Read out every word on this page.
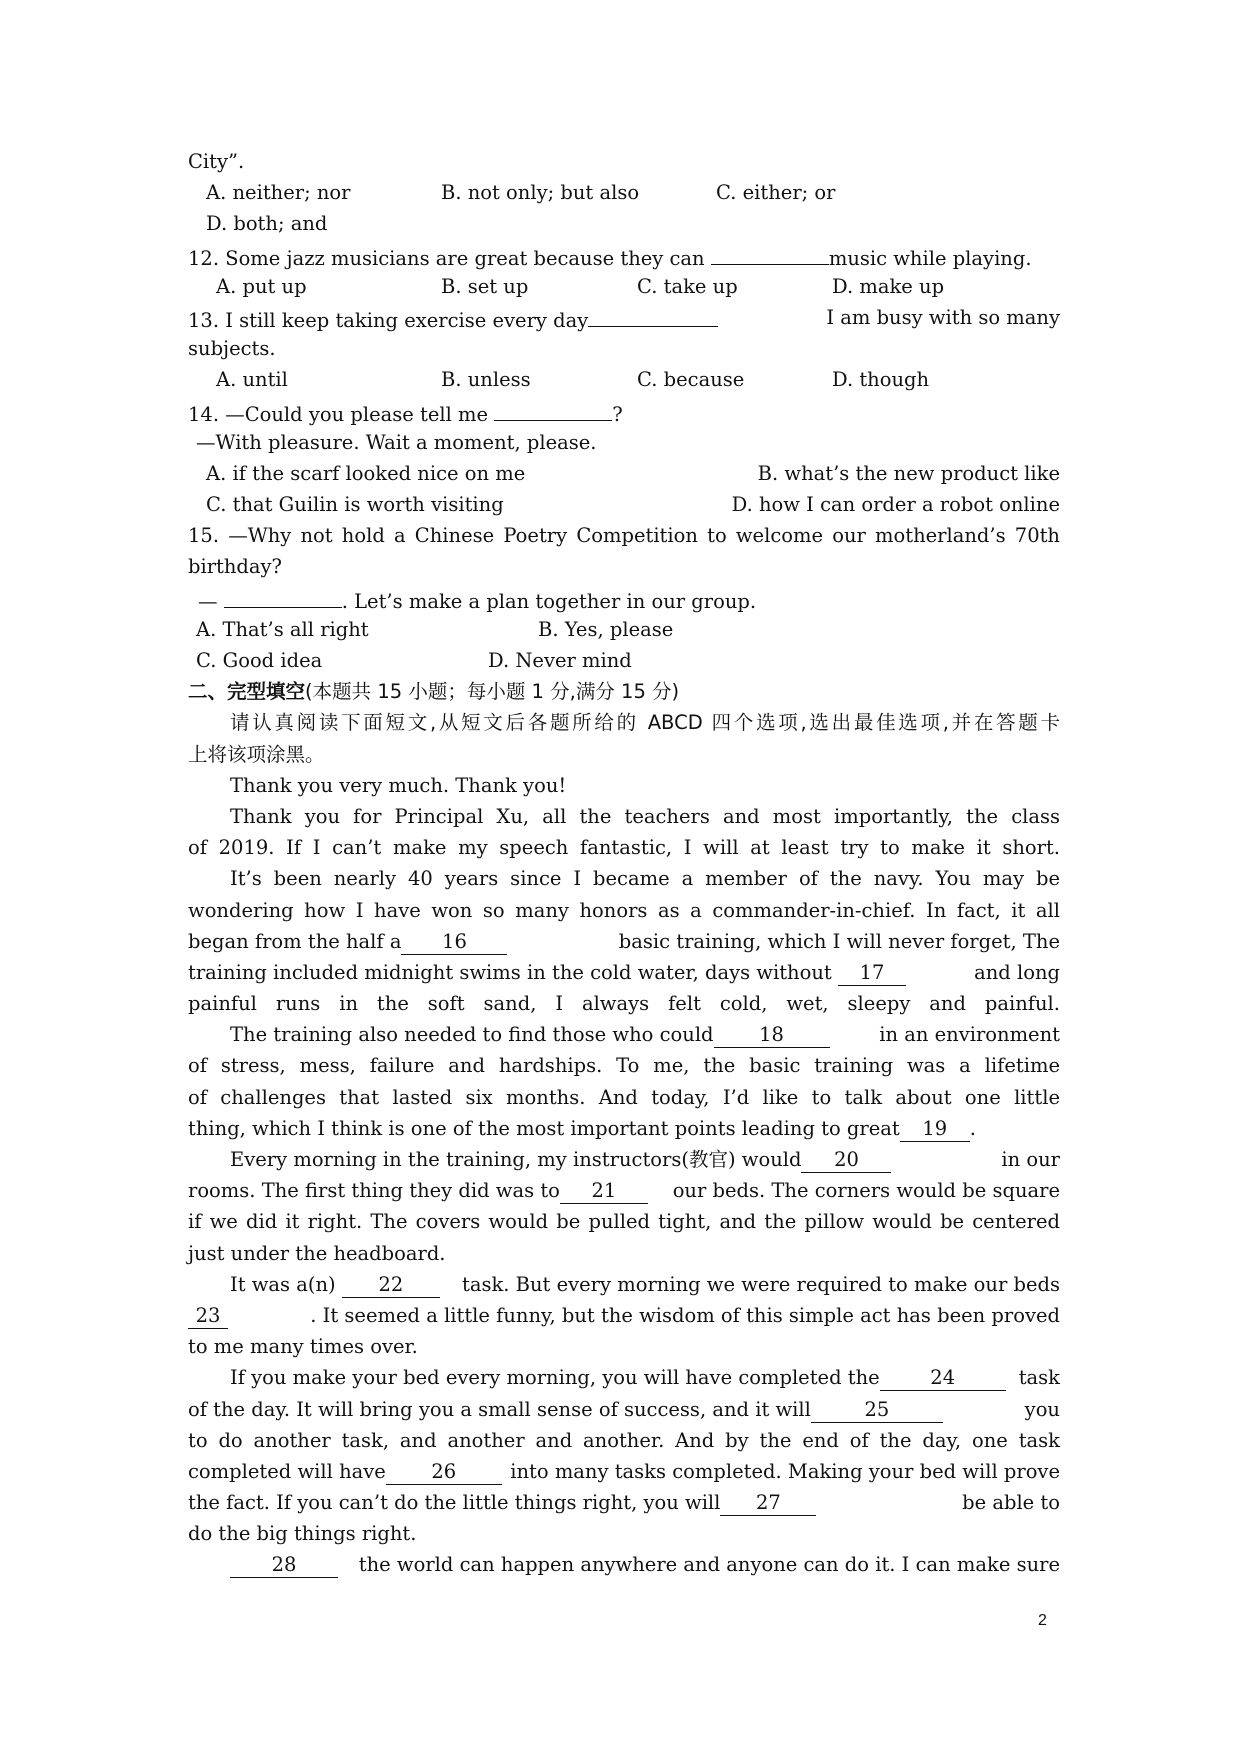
City”.
A. neither; nor	B. not only; but also	C. either; or
D. both; and
12. Some jazz musicians are great because they can	music while playing.
A. put up	B. set up	C. take up	D. make up
13. I still keep taking exercise every day	I am busy with so many
subjects.
A. until	B. unless	C. because	D. though
14. —Could you please tell me	?
—With pleasure. Wait a moment, please.
A. if the scarf looked nice on me	B. what’s the new product like
C. that Guilin is worth visiting	D. how I can order a robot online
15. —Why not hold a Chinese Poetry Competition to welcome our motherland’s 70th
birthday?
—	. Let’s make a plan together in our group.
A. That’s all right	B. Yes, please
C. Good idea	D. Never mind
二、完型填空(本题共 15 小题；每小题 1 分,满分 15 分)
请认真阅读下面短文,从短文后各题所给的 ABCD 四个选项,选出最佳选项,并在答题卡
上将该项涂黑。
Thank you very much. Thank you!
Thank you for Principal Xu, all the teachers and most importantly, the class
of 2019. If I can’t make my speech fantastic, I will at least try to make it short.
It’s been nearly 40 years since I became a member of the navy. You may be
wondering how I have won so many honors as a commander-in-chief. In fact, it all
began from the half a 16	basic training, which I will never forget, The
training included midnight swims in the cold water, days without 17	and long
painful runs in the soft sand, I always felt cold, wet, sleepy and painful.
The training also needed to find those who could 18	in an environment
of stress, mess, failure and hardships. To me, the basic training was a lifetime
of challenges that lasted six months. And today, I’d like to talk about one little
thing, which I think is one of the most important points leading to great 19 .
Every morning in the training, my instructors(教官) would 20	in our
rooms. The first thing they did was to 21	our beds. The corners would be square
if we did it right. The covers would be pulled tight, and the pillow would be centered
just under the headboard.
It was a(n) 22	task. But every morning we were required to make our beds
23	. It seemed a little funny, but the wisdom of this simple act has been proved
to me many times over.
If you make your bed every morning, you will have completed the	24	task
of the day. It will bring you a small sense of success, and it will	25	you
to do another task, and another and another. And by the end of the day, one task
completed will have 26	into many tasks completed. Making your bed will prove
the fact. If you can’t do the little things right, you will 27	be able to
do the big things right.
28	the world can happen anywhere and anyone can do it. I can make sure
2
